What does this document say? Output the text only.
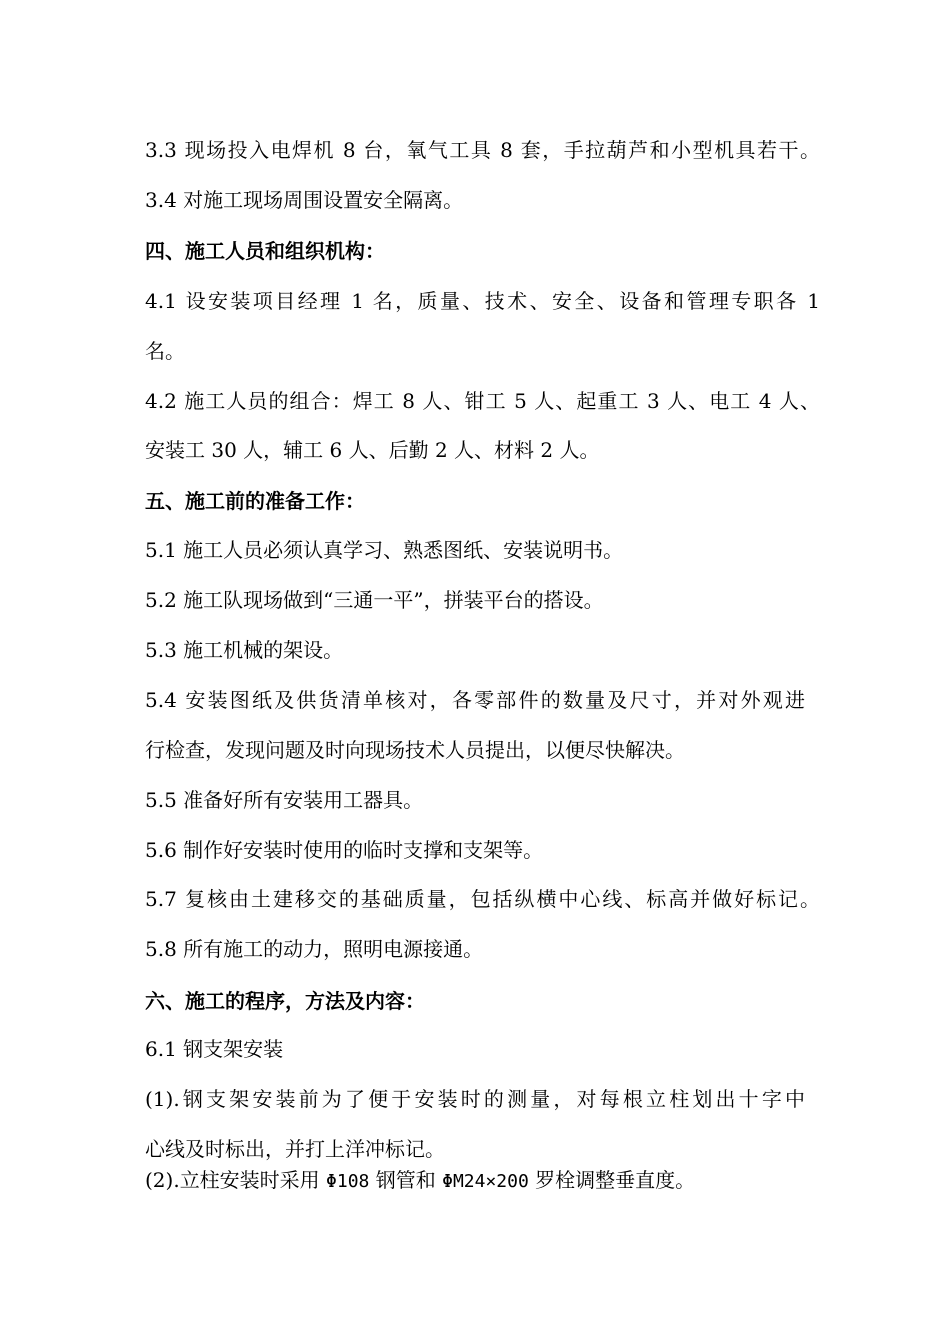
3.3 现场投入电焊机 8 台，氧气工具 8 套，手拉葫芦和小型机具若干。
3.4 对施工现场周围设置安全隔离。
四、施工人员和组织机构：
4.1 设安装项目经理 1 名，质量、技术、安全、设备和管理专职各 1
名。
4.2 施工人员的组合：焊工 8 人、钳工 5 人、起重工 3 人、电工 4 人、
安装工 30 人，辅工 6 人、后勤 2 人、材料 2 人。
五、施工前的准备工作：
5.1 施工人员必须认真学习、熟悉图纸、安装说明书。
5.2 施工队现场做到“三通一平”，拼装平台的搭设。
5.3 施工机械的架设。
5.4 安装图纸及供货清单核对，各零部件的数量及尺寸，并对外观进
行检查，发现问题及时向现场技术人员提出，以便尽快解决。
5.5 准备好所有安装用工器具。
5.6 制作好安装时使用的临时支撑和支架等。
5.7 复核由土建移交的基础质量，包括纵横中心线、标高并做好标记。
5.8 所有施工的动力，照明电源接通。
六、施工的程序，方法及内容：
6.1 钢支架安装
(1).钢支架安装前为了便于安装时的测量，对每根立柱划出十字中
心线及时标出，并打上洋冲标记。
(2).立柱安装时采用 Φ108 钢管和 ΦM24×200 罗栓调整垂直度。
